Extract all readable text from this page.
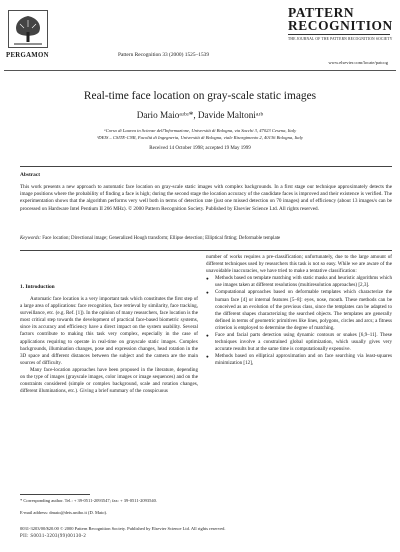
PERGAMON	Pattern Recognition 33 (2000) 1525–1539
PATTERN
RECOGNITION
THE JOURNAL OF THE PATTERN RECOGNITION SOCIETY
www.elsevier.com/locate/patcog
Real-time face location on gray-scale static images
Dario Maioᵃʴᵇʴ*, Davide Maltoniᵃʴᵇ
ᵃCorso di Laurea in Scienze dell'Informazione, Università di Bologna, via Sacchi 3, 47023 Cesena, Italy
ᵇDEIS – CSITE-CNR, Facoltà di Ingegneria, Università di Bologna, viale Risorgimento 2, 40136 Bologna, Italy
Received 14 October 1998; accepted 19 May 1999
Abstract
This work presents a new approach to automatic face location on gray-scale static images with complex backgrounds. In a first stage our technique approximately detects the image positions where the probability of finding a face is high; during the second stage the location accuracy of the candidate faces is improved and their existence is verified. The experimentation shows that the algorithm performs very well both in terms of detection rate (just one missed detection on 70 images) and of efficiency (about 13 images/s can be processed on Hardware Intel Pentium II 266 MHz). © 2000 Pattern Recognition Society. Published by Elsevier Science Ltd. All rights reserved.
Keywords: Face location; Directional image; Generalized Hough transform; Ellipse detection; Elliptical fitting; Deformable template
1. Introduction

Automatic face location is a very important task which constitutes the first step of a large area of applications: face recognition, face retrieval by similarity, face tracking, surveillance, etc. (e.g. Ref. [1]). In the opinion of many researchers, face location is the most critical step towards the development of practical face-based biometric systems, since its accuracy and efficiency have a direct impact on the system usability. Several factors contribute to making this task very complex, especially in the case of applications requiring to operate in real-time on grayscale static images. Complex backgrounds, illumination changes, pose and expression changes, head rotation in the 3D space and different distances between the subject and the camera are the main sources of difficulty.

Many face-location approaches have been proposed in the literature, depending on the type of images (grayscale images, color images or image sequences) and on the constraints considered (simple or complex background, scale and rotation changes, different illuminations, etc.). Giving a brief summary of the conspicuous

number of works requires a pre-classification; unfortunately, due to the large amount of different techniques used by researchers this task is not so easy. While we are aware of the unavoidable inaccuracies, we have tried to make a tentative classification:

● Methods based on template matching with static masks and heuristic algorithms which use images taken at different resolutions (multiresolution approaches) [2,3].
● Computational approaches based on deformable templates which characterize the human face [4] or internal features [5–8]: eyes, nose, mouth. These methods can be conceived as an evolution of the previous class, since the templates can be adapted to the different shapes characterizing the searched objects. The templates are generally defined in terms of geometric primitives like lines, polygons, circles and arcs; a fitness criterion is employed to determine the degree of matching.
● Face and facial parts detection using dynamic contours or snakes [6,9–11]. These techniques involve a constrained global optimization, which usually gives very accurate results but at the same time is computationally expensive.
● Methods based on elliptical approximation and on face searching via least-squares minimization [12],
* Corresponding author. Tel.: + 39-0511-2093547; fax: + 39-0511-2093540.
E-mail address: dmaio@deis.unibo.it (D. Maio).
0031-3203/00/$20.00 © 2000 Pattern Recognition Society. Published by Elsevier Science Ltd. All rights reserved.
PII: S0031-3203(99)00130-2
